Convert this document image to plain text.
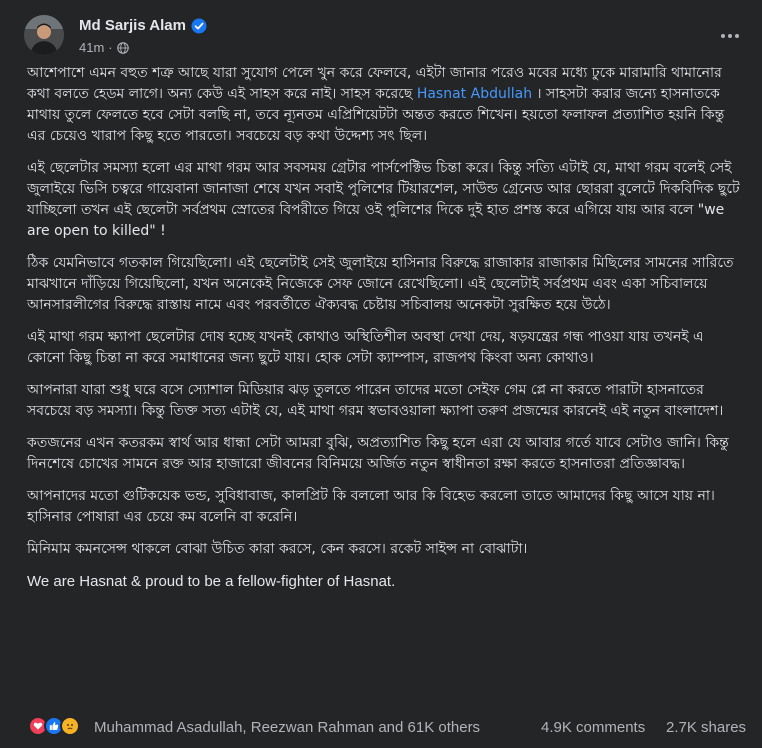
Md Sarjis Alam
41m ·

আশেপাশে এমন বহুত শত্রু আছে যারা সুযোগ পেলে খুন করে ফেলবে, এইটা জানার পরেও মবের মধ্যে ঢুকে মারামারি থামানোর কথা বলতে হেডম লাগে। অন্য কেউ এই সাহস করে নাই। সাহস করেছে Hasnat Abdullah । সাহসটা করার জন্যে হাসনাতকে মাথায় তুলে ফেলতে হবে সেটা বলছি না, তবে ন্যূনতম এপ্রিশিয়েটটা অন্তত করতে শিখেন। হয়তো ফলাফল প্রত্যাশিত হয়নি কিন্তু এর চেয়েও খারাপ কিছু হতে পারতো। সবচেয়ে বড় কথা উদ্দেশ্য সৎ ছিল।

এই ছেলেটার সমস্যা হলো এর মাথা গরম আর সবসময় গ্রেটার পার্সপেক্টিভ চিন্তা করে। কিন্তু সত্যি এটাই যে, মাথা গরম বলেই সেই জুলাইয়ে ভিসি চত্বরে গায়েবানা জানাজা শেষে যখন সবাই পুলিশের টিয়ারশেল, সাউন্ড গ্রেনেড আর ছোররা বুলেটে দিকবিদিক ছুটে যাচ্ছিলো তখন এই ছেলেটা সর্বপ্রথম স্রোতের বিপরীতে গিয়ে ওই পুলিশের দিকে দুই হাত প্রশস্ত করে এগিয়ে যায় আর বলে "we are open to killed" !

ঠিক যেমনিভাবে গতকাল গিয়েছিলো। এই ছেলেটাই সেই জুলাইয়ে হাসিনার বিরুদ্ধে রাজাকার রাজাকার মিছিলের সামনের সারিতে মাঝখানে দাঁড়িয়ে গিয়েছিলো, যখন অনেকেই নিজেকে সেফ জোনে রেখেছিলো। এই ছেলেটাই সর্বপ্রথম এবং একা সচিবালয়ে আনসারলীগের বিরুদ্ধে রাস্তায় নামে এবং পরবর্তীতে ঐক্যবদ্ধ চেষ্টায় সচিবালয় অনেকটা সুরক্ষিত হয়ে উঠে।

এই মাথা গরম ক্ষ্যাপা ছেলেটার দোষ হচ্ছে যখনই কোথাও অস্থিতিশীল অবস্থা দেখা দেয়, ষড়যন্ত্রের গন্ধ পাওয়া যায় তখনই এ কোনো কিছু চিন্তা না করে সমাধানের জন্য ছুটে যায়। হোক সেটা ক্যাম্পাস, রাজপথ কিংবা অন্য কোথাও।

আপনারা যারা শুধু ঘরে বসে স্যোশাল মিডিয়ার ঝড় তুলতে পারেন তাদের মতো সেইফ গেম প্লে না করতে পারাটা হাসনাতের সবচেয়ে বড় সমস্যা। কিন্তু তিক্ত সত্য এটাই যে, এই মাথা গরম স্বভাবওয়ালা ক্ষ্যাপা তরুণ প্রজন্মের কারনেই এই নতুন বাংলাদেশ।

কতজনের এখন কতরকম স্বার্থ আর ধান্ধা সেটা আমরা বুঝি, অপ্রত্যাশিত কিছু হলে এরা যে আবার গর্তে যাবে সেটাও জানি। কিন্তু দিনশেষে চোখের সামনে রক্ত আর হাজারো জীবনের বিনিময়ে অর্জিত নতুন স্বাধীনতা রক্ষা করতে হাসনাতরা প্রতিজ্ঞাবদ্ধ।

আপনাদের মতো গুটিকয়েক ভন্ড, সুবিধাবাজ, কালপ্রিট কি বললো আর কি বিহেভ করলো তাতে আমাদের কিছু আসে যায় না। হাসিনার পোষারা এর চেয়ে কম বলেনি বা করেনি।

মিনিমাম কমনসেন্স থাকলে বোঝা উচিত কারা করসে, কেন করসে। রকেট সাইন্স না বোঝাটা।

We are Hasnat & proud to be a fellow-fighter of Hasnat.

Muhammad Asadullah, Reezwan Rahman and 61K others	4.9K comments 2.7K shares
